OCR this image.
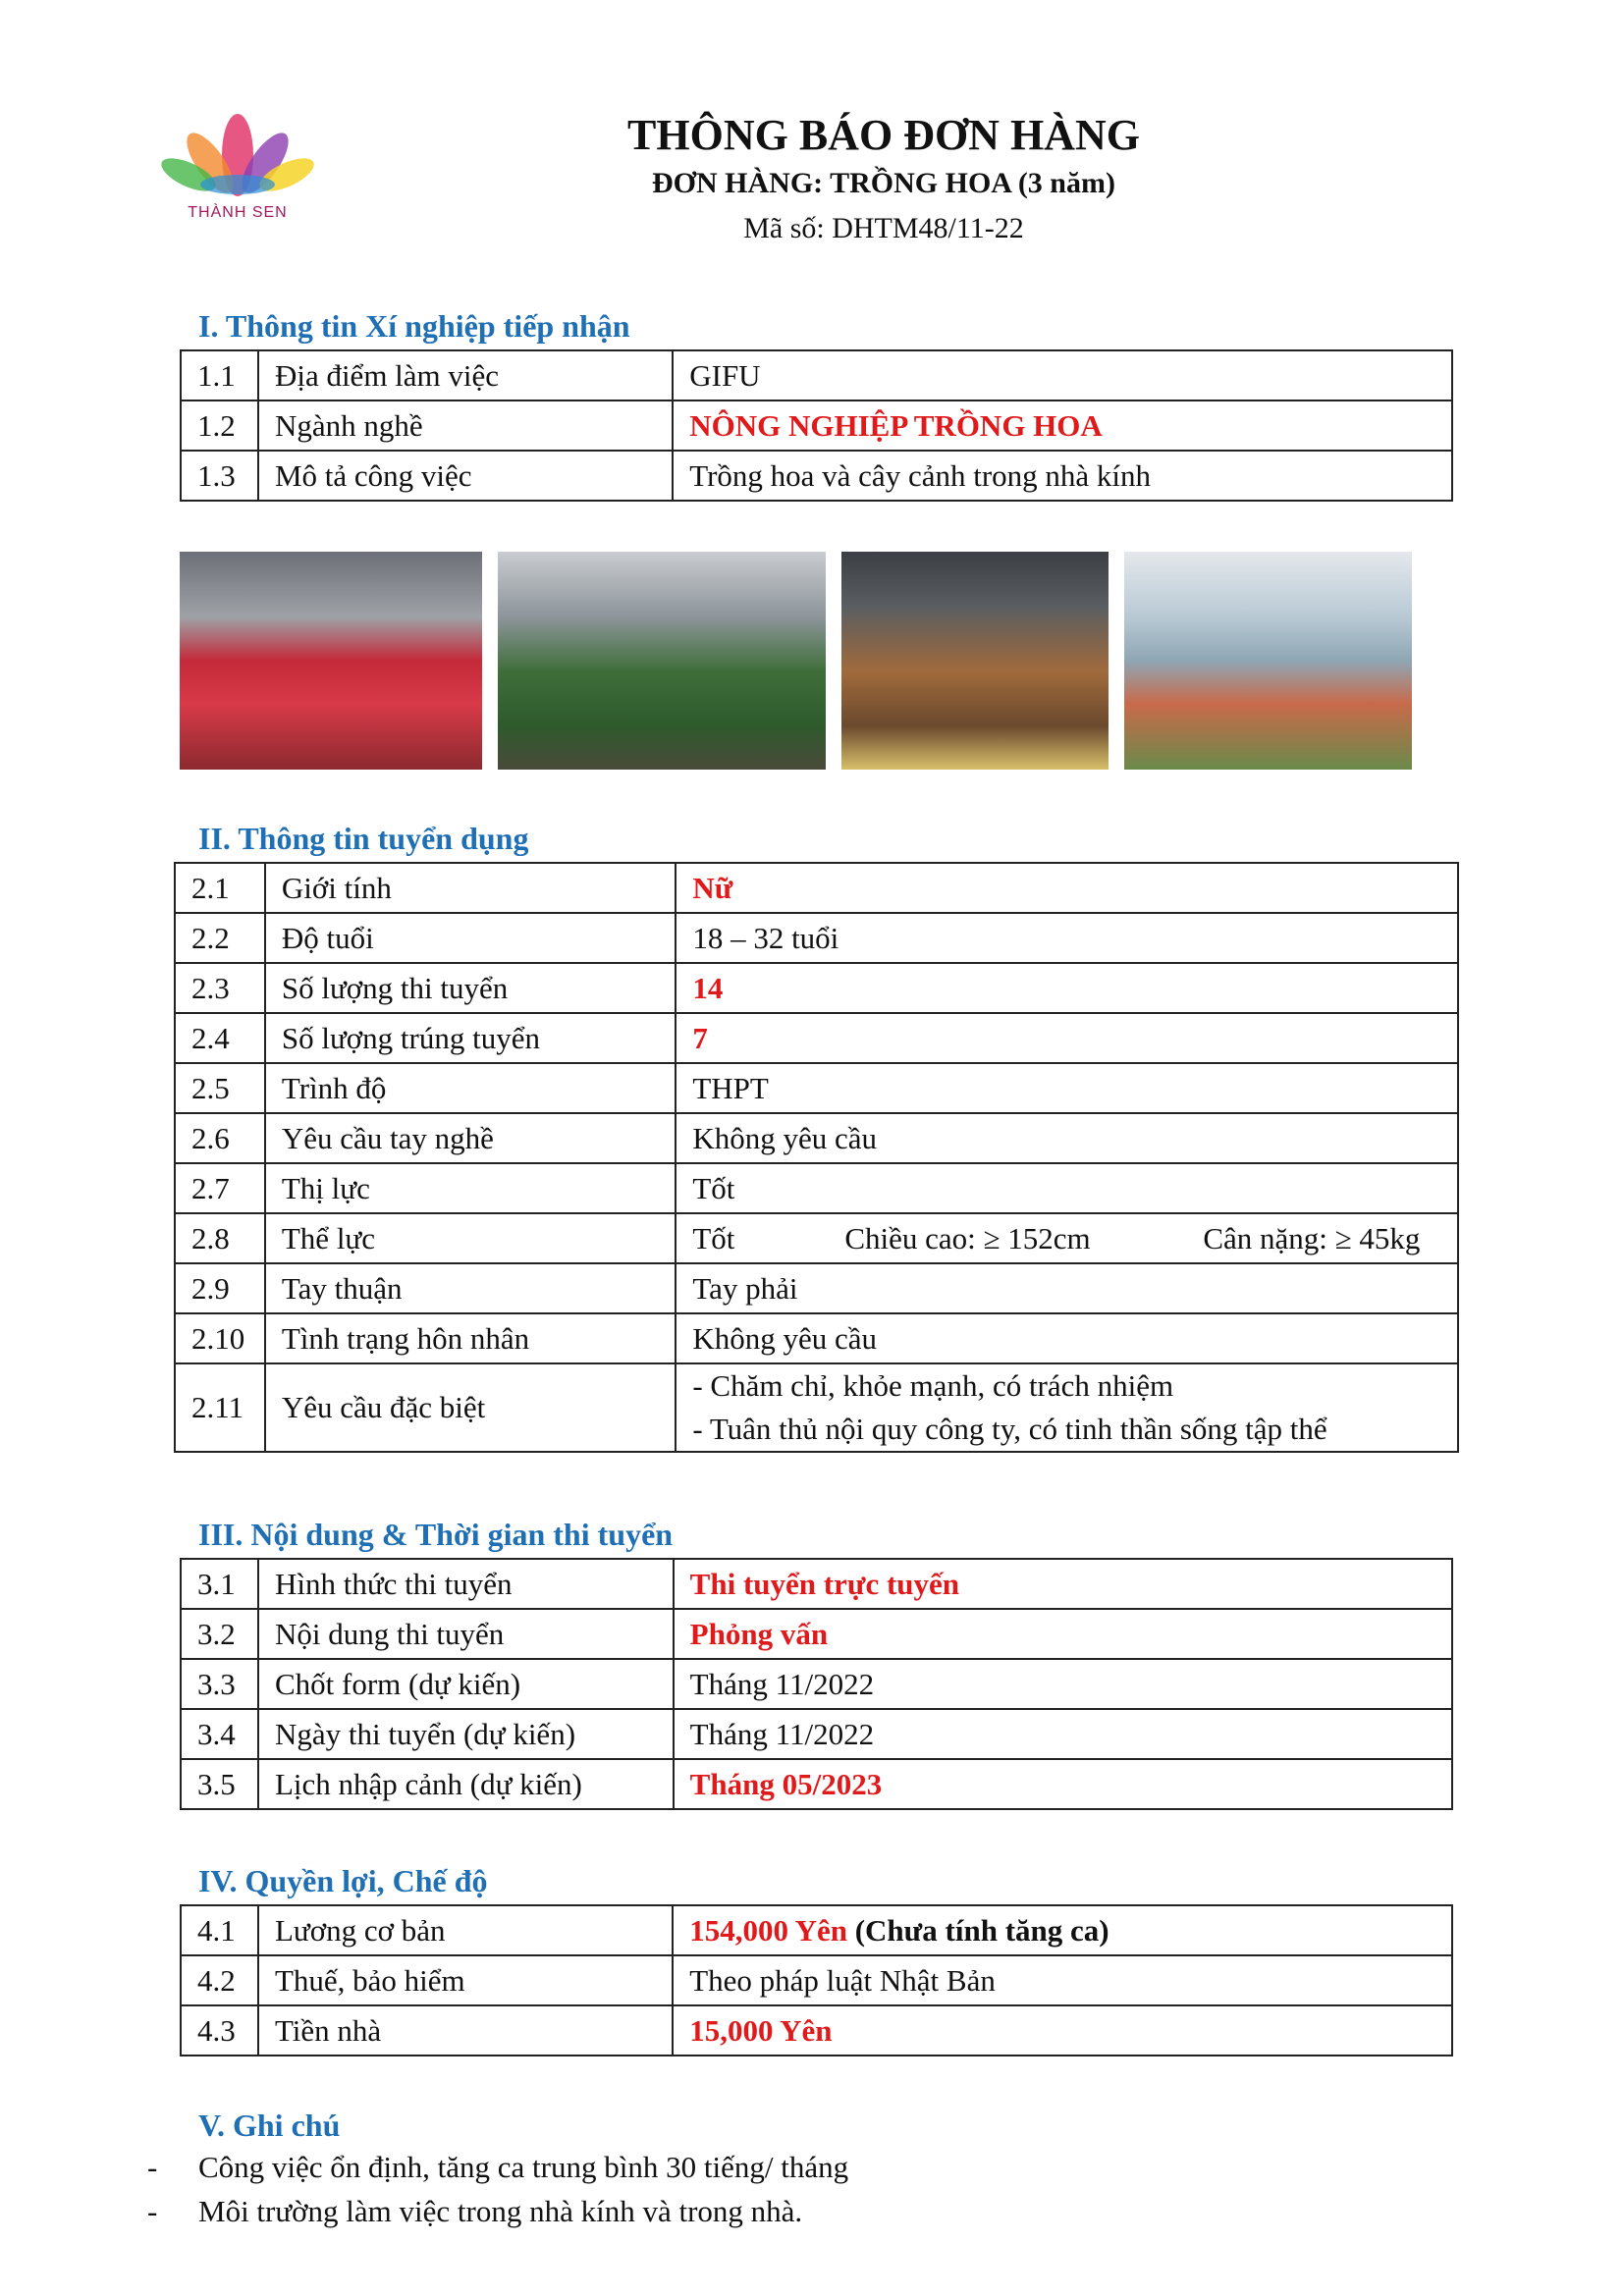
THÀNH SEN
THÔNG BÁO ĐƠN HÀNG
ĐƠN HÀNG: TRỒNG HOA (3 năm)
Mã số: DHTM48/11-22
I. Thông tin Xí nghiệp tiếp nhận
1.1	Địa điểm làm việc	GIFU
1.2	Ngành nghề	NÔNG NGHIỆP TRỒNG HOA
1.3	Mô tả công việc	Trồng hoa và cây cảnh trong nhà kính
II. Thông tin tuyển dụng
2.1	Giới tính	Nữ
2.2	Độ tuổi	18 – 32 tuổi
2.3	Số lượng thi tuyển	14
2.4	Số lượng trúng tuyển	7
2.5	Trình độ	THPT
2.6	Yêu cầu tay nghề	Không yêu cầu
2.7	Thị lực	Tốt
2.8	Thể lực	Tốt Chiều cao: ≥ 152cm Cân nặng: ≥ 45kg
2.9	Tay thuận	Tay phải
2.10	Tình trạng hôn nhân	Không yêu cầu
2.11	Yêu cầu đặc biệt	- Chăm chỉ, khỏe mạnh, có trách nhiệm
- Tuân thủ nội quy công ty, có tinh thần sống tập thể
III. Nội dung & Thời gian thi tuyển
3.1	Hình thức thi tuyển	Thi tuyển trực tuyến
3.2	Nội dung thi tuyển	Phỏng vấn
3.3	Chốt form (dự kiến)	Tháng 11/2022
3.4	Ngày thi tuyển (dự kiến)	Tháng 11/2022
3.5	Lịch nhập cảnh (dự kiến)	Tháng 05/2023
IV. Quyền lợi, Chế độ
4.1	Lương cơ bản	154,000 Yên (Chưa tính tăng ca)
4.2	Thuế, bảo hiểm	Theo pháp luật Nhật Bản
4.3	Tiền nhà	15,000 Yên
V. Ghi chú
- Công việc ổn định, tăng ca trung bình 30 tiếng/ tháng
- Môi trường làm việc trong nhà kính và trong nhà.
